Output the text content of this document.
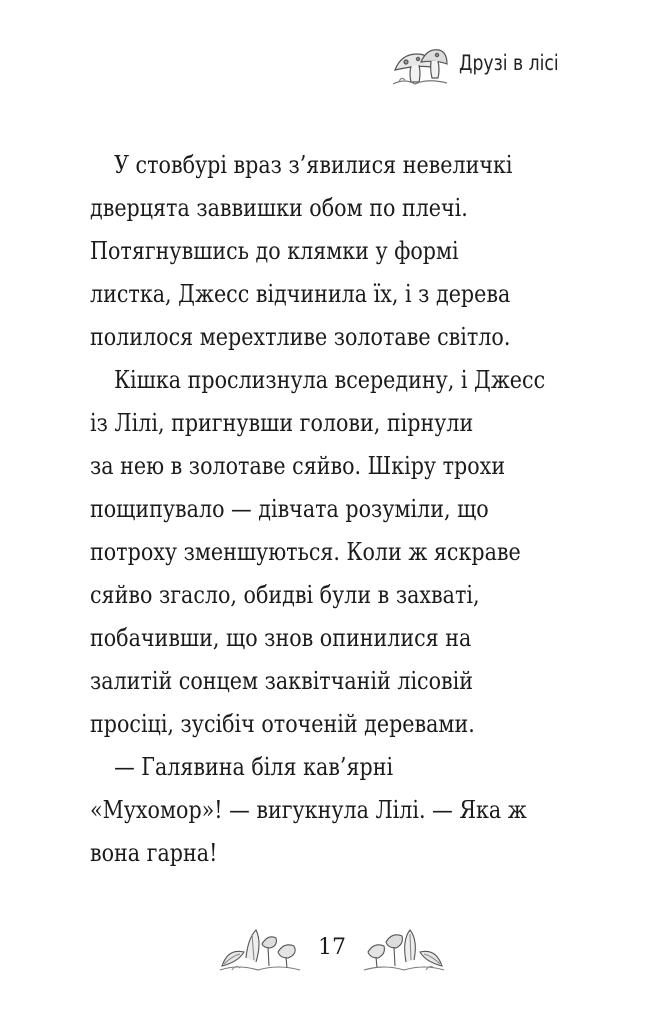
Друзі в лісі
У стовбурі враз з’явилися невеличкі
дверцята заввишки обом по плечі.
Потягнувшись до клямки у формі
листка, Джесс відчинила їх, і з дерева
полилося мерехтливе золотаве світло.
Кішка прослизнула всередину, і Джесс
із Лілі, пригнувши голови, пірнули
за нею в золотаве сяйво. Шкіру трохи
пощипувало — дівчата розуміли, що
потроху зменшуються. Коли ж яскраве
сяйво згасло, обидві були в захваті,
побачивши, що знов опинилися на
залитій сонцем заквітчаній лісовій
просіці, зусібіч оточеній деревами.
— Галявина біля кав’ярні
«Мухомор»! — вигукнула Лілі. — Яка ж
вона гарна!
17
